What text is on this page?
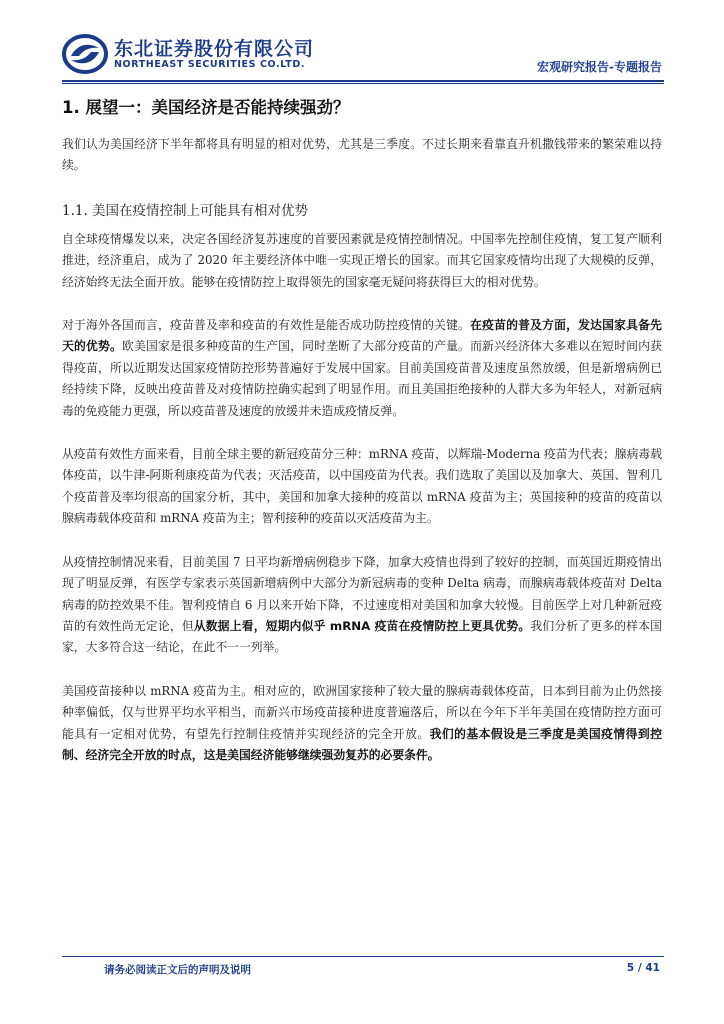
东北证券股份有限公司
NORTHEAST SECURITIES CO.LTD.	宏观研究报告-专题报告
1. 展望一：美国经济是否能持续强劲？

我们认为美国经济下半年都将具有明显的相对优势，尤其是三季度。不过长期来看靠直升机撒钱带来的繁荣难以持续。

1.1. 美国在疫情控制上可能具有相对优势

自全球疫情爆发以来，决定各国经济复苏速度的首要因素就是疫情控制情况。中国率先控制住疫情，复工复产顺利推进，经济重启，成为了 2020 年主要经济体中唯一实现正增长的国家。而其它国家疫情均出现了大规模的反弹，经济始终无法全面开放。能够在疫情防控上取得领先的国家毫无疑问将获得巨大的相对优势。

对于海外各国而言，疫苗普及率和疫苗的有效性是能否成功防控疫情的关键。在疫苗的普及方面，发达国家具备先天的优势。欧美国家是很多种疫苗的生产国，同时垄断了大部分疫苗的产量。而新兴经济体大多难以在短时间内获得疫苗，所以近期发达国家疫情防控形势普遍好于发展中国家。目前美国疫苗普及速度虽然放缓，但是新增病例已经持续下降，反映出疫苗普及对疫情防控确实起到了明显作用。而且美国拒绝接种的人群大多为年轻人，对新冠病毒的免疫能力更强，所以疫苗普及速度的放缓并未造成疫情反弹。

从疫苗有效性方面来看，目前全球主要的新冠疫苗分三种：mRNA 疫苗，以辉瑞-Moderna 疫苗为代表；腺病毒载体疫苗，以牛津-阿斯利康疫苗为代表；灭活疫苗，以中国疫苗为代表。我们选取了美国以及加拿大、英国、智利几个疫苗普及率均很高的国家分析，其中，美国和加拿大接种的疫苗以 mRNA 疫苗为主；英国接种的疫苗的疫苗以腺病毒载体疫苗和 mRNA 疫苗为主；智利接种的疫苗以灭活疫苗为主。

从疫情控制情况来看，目前美国 7 日平均新增病例稳步下降，加拿大疫情也得到了较好的控制，而英国近期疫情出现了明显反弹，有医学专家表示英国新增病例中大部分为新冠病毒的变种 Delta 病毒，而腺病毒载体疫苗对 Delta 病毒的防控效果不佳。智利疫情自 6 月以来开始下降，不过速度相对美国和加拿大较慢。目前医学上对几种新冠疫苗的有效性尚无定论，但从数据上看，短期内似乎 mRNA 疫苗在疫情防控上更具优势。我们分析了更多的样本国家，大多符合这一结论，在此不一一列举。

美国疫苗接种以 mRNA 疫苗为主。相对应的，欧洲国家接种了较大量的腺病毒载体疫苗，日本到目前为止仍然接种率偏低，仅与世界平均水平相当，而新兴市场疫苗接种进度普遍落后，所以在今年下半年美国在疫情防控方面可能具有一定相对优势，有望先行控制住疫情并实现经济的完全开放。我们的基本假设是三季度是美国疫情得到控制、经济完全开放的时点，这是美国经济能够继续强劲复苏的必要条件。

请务必阅读正文后的声明及说明	5 / 41
